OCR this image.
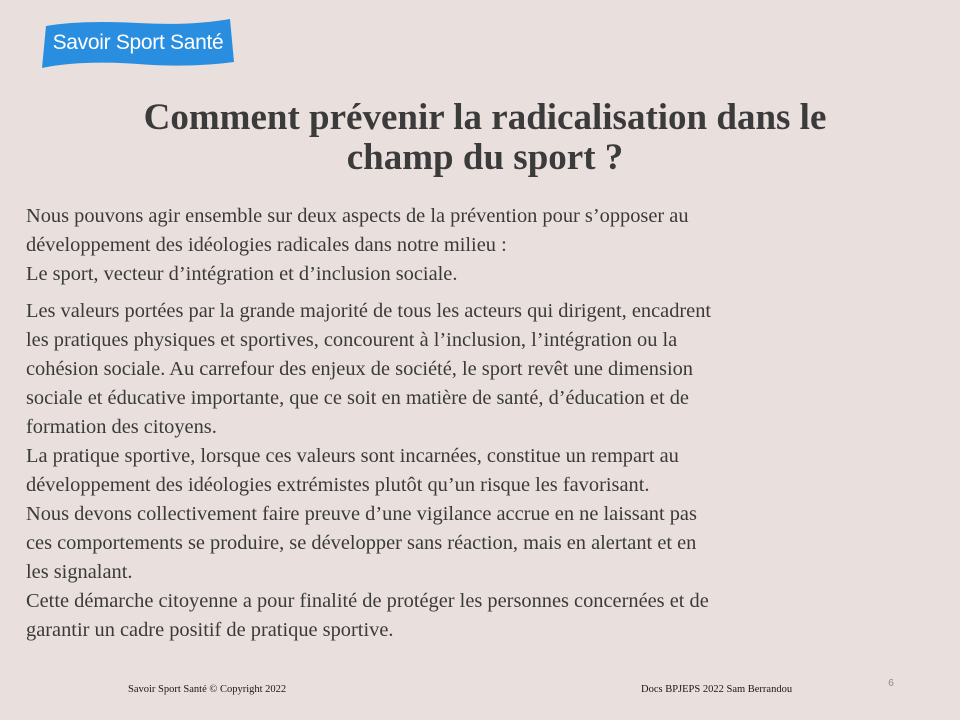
Savoir Sport Santé
Comment prévenir la radicalisation dans le
champ du sport ?

Nous pouvons agir ensemble sur deux aspects de la prévention pour s’opposer au
développement des idéologies radicales dans notre milieu :
Le sport, vecteur d’intégration et d’inclusion sociale.

Les valeurs portées par la grande majorité de tous les acteurs qui dirigent, encadrent
les pratiques physiques et sportives, concourent à l’inclusion, l’intégration ou la
cohésion sociale. Au carrefour des enjeux de société, le sport revêt une dimension
sociale et éducative importante, que ce soit en matière de santé, d’éducation et de
formation des citoyens.
La pratique sportive, lorsque ces valeurs sont incarnées, constitue un rempart au
développement des idéologies extrémistes plutôt qu’un risque les favorisant.
Nous devons collectivement faire preuve d’une vigilance accrue en ne laissant pas
ces comportements se produire, se développer sans réaction, mais en alertant et en
les signalant.
Cette démarche citoyenne a pour finalité de protéger les personnes concernées et de
garantir un cadre positif de pratique sportive.

Savoir Sport Santé © Copyright 2022	Docs BPJEPS 2022 Sam Berrandou
6
